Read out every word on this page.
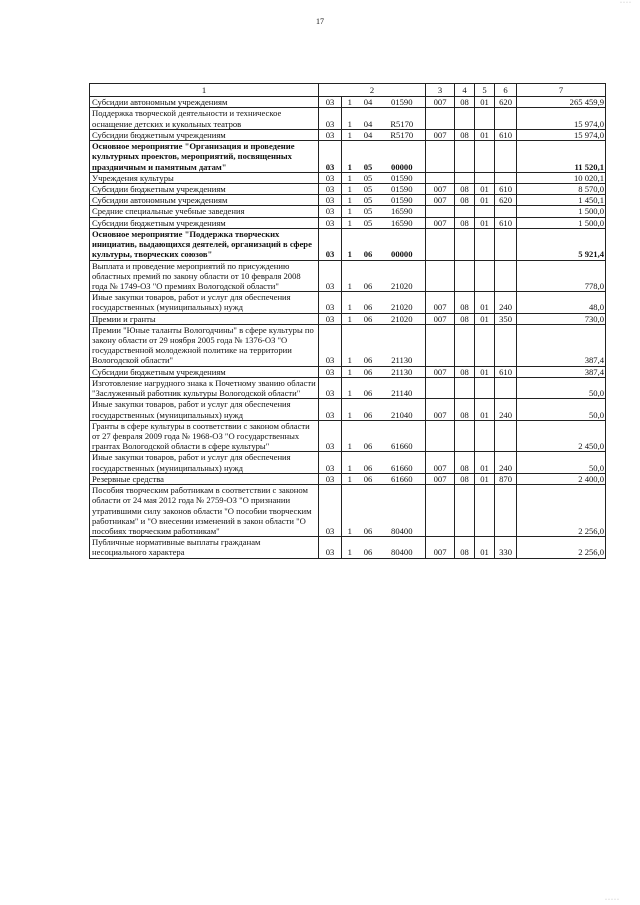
17
····
·····
1	2				3	4	5	6	7
Субсидии автономным учреждениям	03	1	04	01590	007	08	01	620	265 459,9
Поддержка творческой деятельности и техническое оснащение детских и кукольных театров	03	1	04	R5170					15 974,0
Субсидии бюджетным учреждениям	03	1	04	R5170	007	08	01	610	15 974,0
Основное мероприятие "Организация и проведение культурных проектов, мероприятий, посвященных праздничным и памятным датам"	03	1	05	00000					11 520,1
Учреждения культуры	03	1	05	01590					10 020,1
Субсидии бюджетным учреждениям	03	1	05	01590	007	08	01	610	8 570,0
Субсидии автономным учреждениям	03	1	05	01590	007	08	01	620	1 450,1
Средние специальные учебные заведения	03	1	05	16590					1 500,0
Субсидии бюджетным учреждениям	03	1	05	16590	007	08	01	610	1 500,0
Основное мероприятие "Поддержка творческих инициатив, выдающихся деятелей, организаций в сфере культуры, творческих союзов"	03	1	06	00000					5 921,4
Выплата и проведение мероприятий по присуждению областных премий по закону области от 10 февраля 2008 года № 1749-ОЗ "О премиях Вологодской области"	03	1	06	21020					778,0
Иные закупки товаров, работ и услуг для обеспечения государственных (муниципальных) нужд	03	1	06	21020	007	08	01	240	48,0
Премии и гранты	03	1	06	21020	007	08	01	350	730,0
Премии "Юные таланты Вологодчины" в сфере культуры по закону области от 29 ноября 2005 года № 1376-ОЗ "О государственной молодежной политике на территории Вологодской области"	03	1	06	21130					387,4
Субсидии бюджетным учреждениям	03	1	06	21130	007	08	01	610	387,4
Изготовление нагрудного знака к Почетному званию области "Заслуженный работник культуры Вологодской области"	03	1	06	21140					50,0
Иные закупки товаров, работ и услуг для обеспечения государственных (муниципальных) нужд	03	1	06	21040	007	08	01	240	50,0
Гранты в сфере культуры в соответствии с законом области от 27 февраля 2009 года № 1968-ОЗ "О государственных грантах Вологодской области в сфере культуры"	03	1	06	61660					2 450,0
Иные закупки товаров, работ и услуг для обеспечения государственных (муниципальных) нужд	03	1	06	61660	007	08	01	240	50,0
Резервные средства	03	1	06	61660	007	08	01	870	2 400,0
Пособия творческим работникам в соответствии с законом области от 24 мая 2012 года № 2759-ОЗ "О признании утратившими силу законов области "О пособии творческим работникам" и "О внесении изменений в закон области "О пособиях творческим работникам"	03	1	06	80400					2 256,0
Публичные нормативные выплаты гражданам несоциального характера	03	1	06	80400	007	08	01	330	2 256,0
